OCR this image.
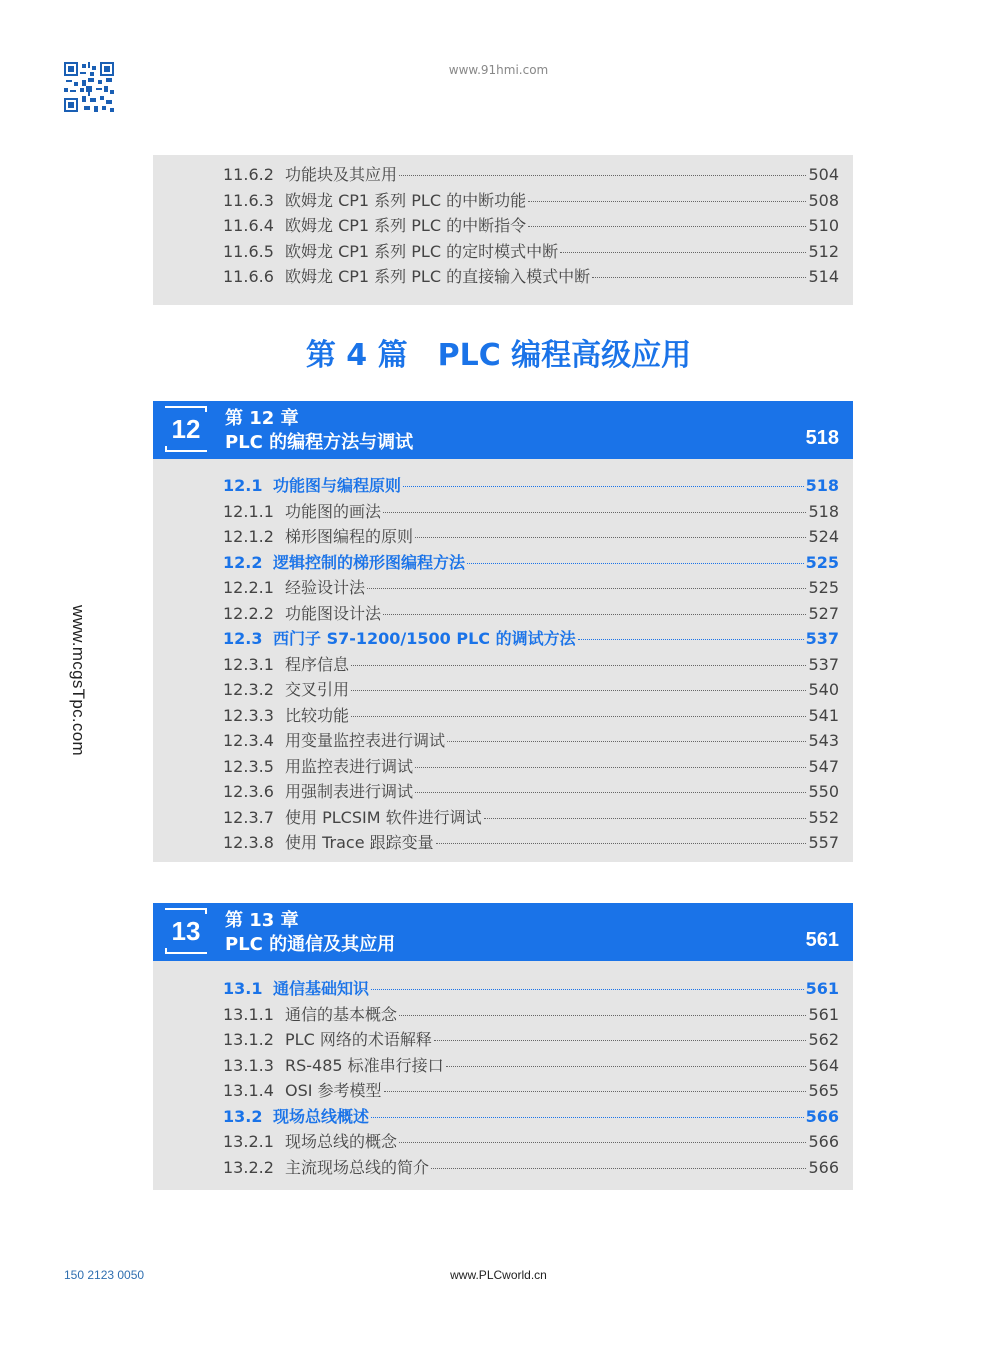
www.91hmi.com
www.mcgsTpc.com
11.6.2 功能块及其应用	504
11.6.3 欧姆龙 CP1 系列 PLC 的中断功能	508
11.6.4 欧姆龙 CP1 系列 PLC 的中断指令	510
11.6.5 欧姆龙 CP1 系列 PLC 的定时模式中断	512
11.6.6 欧姆龙 CP1 系列 PLC 的直接输入模式中断	514
第 4 篇　PLC 编程高级应用
12	第 12 章
PLC 的编程方法与调试	518
12.1 功能图与编程原则	518
12.1.1 功能图的画法	518
12.1.2 梯形图编程的原则	524
12.2 逻辑控制的梯形图编程方法	525
12.2.1 经验设计法	525
12.2.2 功能图设计法	527
12.3 西门子 S7-1200/1500 PLC 的调试方法	537
12.3.1 程序信息	537
12.3.2 交叉引用	540
12.3.3 比较功能	541
12.3.4 用变量监控表进行调试	543
12.3.5 用监控表进行调试	547
12.3.6 用强制表进行调试	550
12.3.7 使用 PLCSIM 软件进行调试	552
12.3.8 使用 Trace 跟踪变量	557
13	第 13 章
PLC 的通信及其应用	561
13.1 通信基础知识	561
13.1.1 通信的基本概念	561
13.1.2 PLC 网络的术语解释	562
13.1.3 RS-485 标准串行接口	564
13.1.4 OSI 参考模型	565
13.2 现场总线概述	566
13.2.1 现场总线的概念	566
13.2.2 主流现场总线的简介	566
150 2123 0050	www.PLCworld.cn
